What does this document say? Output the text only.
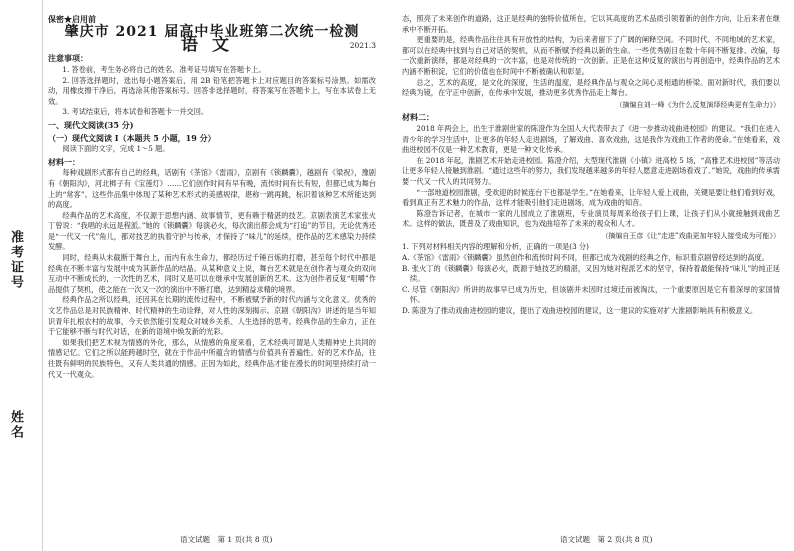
准考证号
姓名
保密★启用前
肇庆市 2021 届高中毕业班第二次统一检测
语文	2021.3
注意事项：

1. 答卷前，考生务必将自己的姓名、准考证号填写在答题卡上。

2. 回答选择题时，选出每小题答案后，用 2B 铅笔把答题卡上对应题目的答案标号涂黑。如需改动，用橡皮擦干净后，再选涂其他答案标号。回答非选择题时，将答案写在答题卡上，写在本试卷上无效。

3. 考试结束后，将本试卷和答题卡一并交回。

一、现代文阅读(35 分)
（一）现代文阅读 Ⅰ（本题共 5 小题，19 分）

阅读下面的文字，完成 1～5 题。

材料一：

每种戏剧形式都有自己的经典，话剧有《茶馆》《雷雨》，京剧有《锁麟囊》，越剧有《梁祝》，豫剧有《朝阳沟》，河北梆子有《宝莲灯》……它们创作时间有早有晚，流传时间有长有短，但都已成为舞台上的“常客”。这些作品集中体现了某种艺术形式的美感规律，堪称一跳再跳，标识着该种艺术所能达到的高度。

经典作品的艺术高度，不仅源于思想内涵、故事情节，更有赖于精湛的技艺。京剧表演艺术家张火丁曾说：“我唱的永远是程派。”她的《锁麟囊》每演必火，每次演出都会成为“打追”的节目，无论优秀还是“一代又一代”角儿，都对技艺的执着守护与传承，才保持了“味儿”的延续，使作品的艺术感染力持续发酵。

同时，经典从未截断于舞台上，而内有永生命力，都经历过千锤百炼的打磨，甚至每个时代中都是经典在不断丰富与发展中成为其新作品的结晶。从某种意义上说，舞台艺术就是在创作者与观众的双向互动中不断成长的，一次性的艺术，同时又是可以在继承中发展创新的艺术。这为创作者反复“咀嚼”作品提供了契机，使之能在一次又一次的演出中不断打磨，达到精益求精的境界。

经典作品之所以经典，还因其在长期的流传过程中，不断被赋予新的时代内涵与文化意义。优秀的文艺作品总是对民族精神、时代精神的生动诠释，对人性的深刻揭示。京剧《朝阳沟》讲述的是当年知识青年扎根农村的故事，今天依然能引发观众对城乡关系、人生选择的思考。经典作品的生命力，正在于它能够不断与时代对话，在新的语境中焕发新的光彩。

如果我们把艺术视为情感的外化，那么，从情感的角度来看，艺术经典可谓是人类精神史上共同的情感记忆。它们之所以能跨越时空，就在于作品中所蕴含的情感与价值具有普遍性。好的艺术作品，往往既有鲜明的民族特色，又有人类共通的情感。正因为如此，经典作品才能在漫长的时间里持续打动一代又一代观众。

态，照亮了未来创作的道路，这正是经典的独特价值所在，它以其高度的艺术品质引领着新的创作方向，让后来者在继承中不断开拓。

更重要的是，经典作品往往具有开放性的结构，为后来者留下了广阔的阐释空间。不同时代、不同地域的艺术家，都可以在经典中找到与自己对话的契机，从而不断赋予经典以新的生命。一些优秀剧目在数十年间不断复排、改编，每一次重新演绎，都是对经典的一次丰富，也是对传统的一次创新。正是在这种反复的演出与再创造中，经典作品的艺术内涵不断积淀，它们的价值也在时间中不断被确认和彰显。

总之，艺术的高度，是文化的深度，生活的温度，是经典作品与观众之间心灵相通的桥梁。面对新时代，我们要以经典为镜，在守正中创新，在传承中发展，推动更多优秀作品走上舞台。

（摘编自刘一峰《为什么反复演绎经典更有生命力》）
材料二：

2018 年两会上，出生于淮剧世家的陈澄作为全国人大代表带去了《进一步推动戏曲进校园》的建议。“我们在进入青少年的学习生活中，让更多的年轻人走进剧场，了解戏曲、喜欢戏曲，这是我作为戏曲工作者的使命。”在她看来，戏曲进校园不仅是一种艺术教育，更是一种文化传承。

在 2018 年起，淮剧艺术开始走进校园。陈澄介绍，大型现代淮剧《小镇》进高校 5 场，“高雅艺术进校园”等活动让更多年轻人接触到淮剧。“通过这些年的努力，我们发现越来越多的年轻人愿意走进剧场看戏了。”她说，戏曲的传承需要一代又一代人的共同努力。

“一部地道校园淮剧，受欢迎的时候连台下也都是学生。”在她看来，让年轻人爱上戏曲，关键是要让他们看到好戏，看到真正有艺术魅力的作品，这样才能吸引他们走进剧场，成为戏曲的知音。

陈澄告诉记者，在城市一家的儿园成立了淮剧班，专业演员每周来给孩子们上课，让孩子们从小就接触到戏曲艺术。这样的做法，既普及了戏曲知识，也为戏曲培养了未来的观众和人才。

（摘编自王彦《让“走进”戏曲更加年轻人接受成为可能》）

1. 下列对材料相关内容的理解和分析，正确的一项是(3 分)

A.《茶馆》《雷雨》《锁麟囊》虽然创作和流传时间不同，但都已成为戏剧的经典之作，标识着京剧曾经达到的高度。

B. 张火丁的《锁麟囊》每演必火，既源于她技艺的精湛，又因为她对程派艺术的坚守，保持着最能保持“味儿”的纯正延续。

C. 尽管《朝阳沟》所讲的故事早已成为历史，但该剧并未因时过境迁而被淘汰，一个重要原因是它有着深厚的家国情怀。

D. 陈澄为了推动戏曲进校园的建议，提出了戏曲进校园的建议，这一建议的实施对扩大淮剧影响具有积极意义。

语文试题　第 1 页(共 8 页)	语文试题　第 2 页(共 8 页)
